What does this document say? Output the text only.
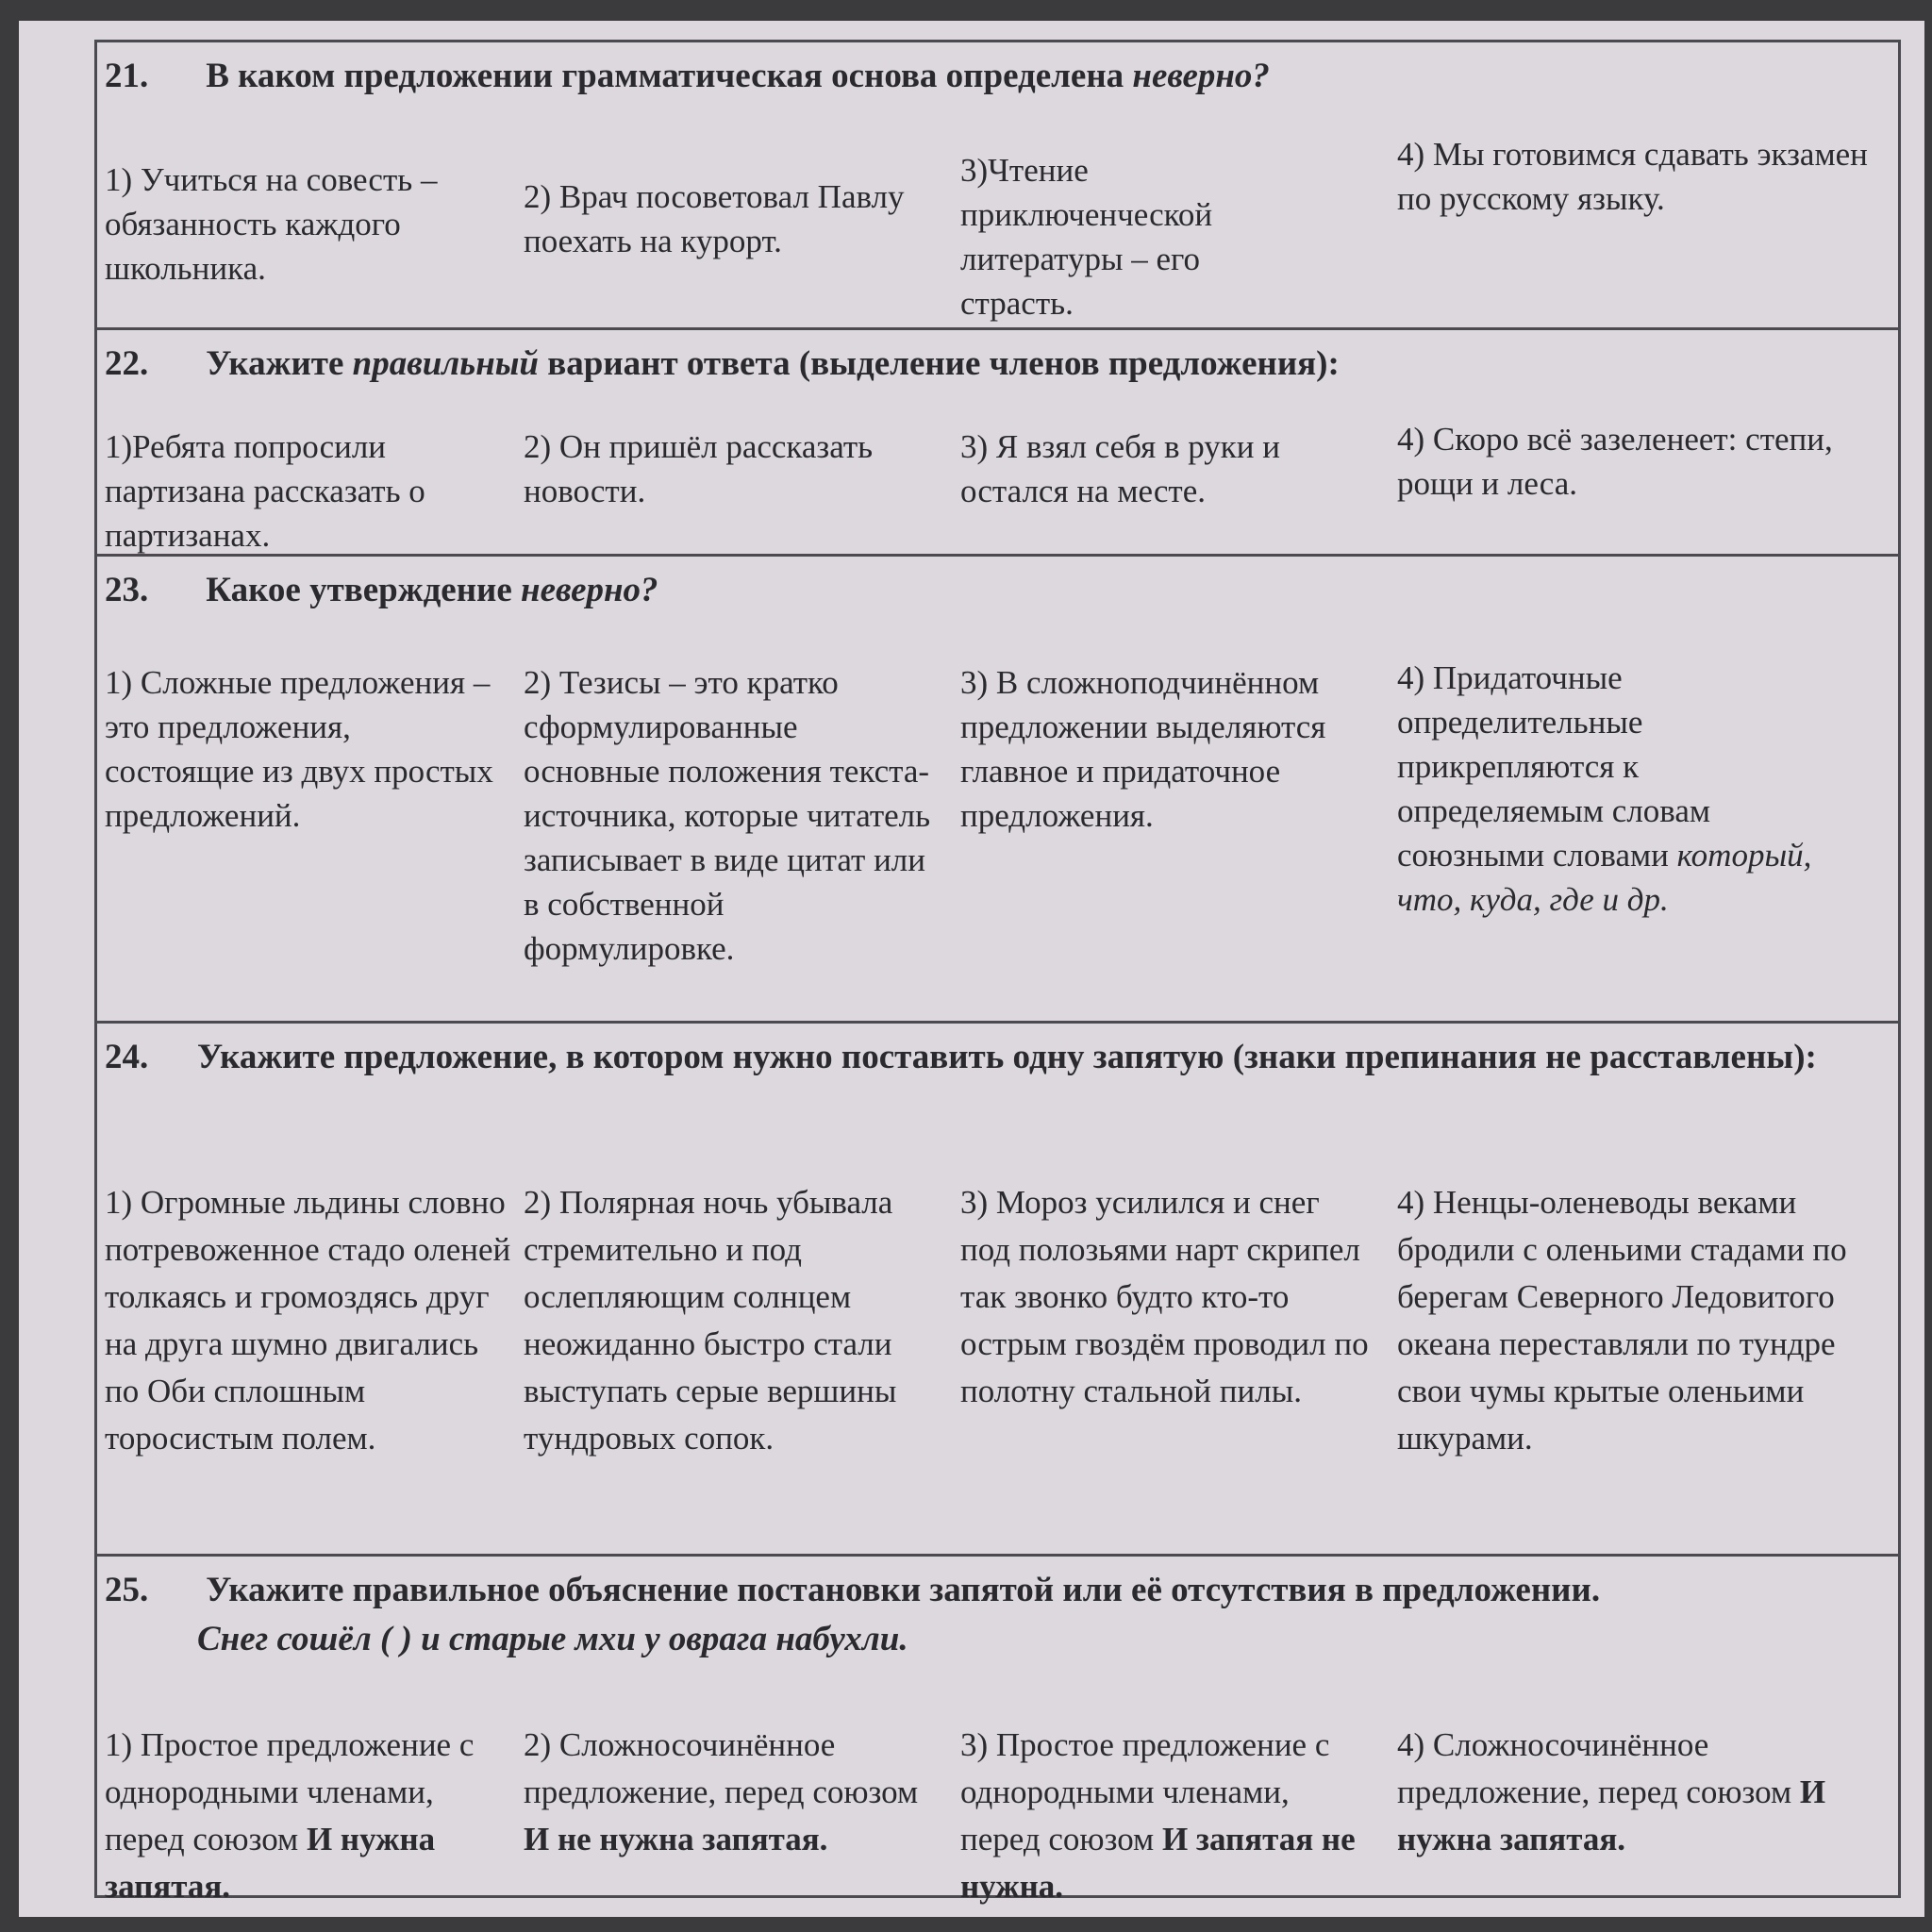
21. В каком предложении грамматическая основа определена неверно?
1) Учиться на совесть – обязанность каждого школьника.
2) Врач посоветовал Павлу поехать на курорт.
3)Чтение приключенческой литературы – его страсть.
4) Мы готовимся сдавать экзамен по русскому языку.
22. Укажите правильный вариант ответа (выделение членов предложения):
1)Ребята попросили партизана рассказать о партизанах.
2) Он пришёл рассказать новости.
3) Я взял себя в руки и остался на месте.
4) Скоро всё зазеленеет: степи, рощи и леса.
23. Какое утверждение неверно?
1) Сложные предложения – это предложения, состоящие из двух простых предложений.
2) Тезисы – это кратко сформулированные основные положения текста-источника, которые читатель записывает в виде цитат или в собственной формулировке.
3) В сложноподчинённом предложении выделяются главное и придаточное предложения.
4) Придаточные определительные прикрепляются к определяемым словам союзными словами который, что, куда, где и др.
24. Укажите предложение, в котором нужно поставить одну запятую (знаки препинания не расставлены):
1) Огромные льдины словно потревоженное стадо оленей толкаясь и громоздясь друг на друга шумно двигались по Оби сплошным торосистым полем.
2) Полярная ночь убывала стремительно и под ослепляющим солнцем неожиданно быстро стали выступать серые вершины тундровых сопок.
3) Мороз усилился и снег под полозьями нарт скрипел так звонко будто кто-то острым гвоздём проводил по полотну стальной пилы.
4) Ненцы-оленеводы веками бродили с оленьими стадами по берегам Северного Ледовитого океана переставляли по тундре свои чумы крытые оленьими шкурами.
25. Укажите правильное объяснение постановки запятой или её отсутствия в предложении.
Снег сошёл ( ) и старые мхи у оврага набухли.
1) Простое предложение с однородными членами, перед союзом И нужна запятая.
2) Сложносочинённое предложение, перед союзом И не нужна запятая.
3) Простое предложение с однородными членами, перед союзом И запятая не нужна.
4) Сложносочинённое предложение, перед союзом И нужна запятая.
